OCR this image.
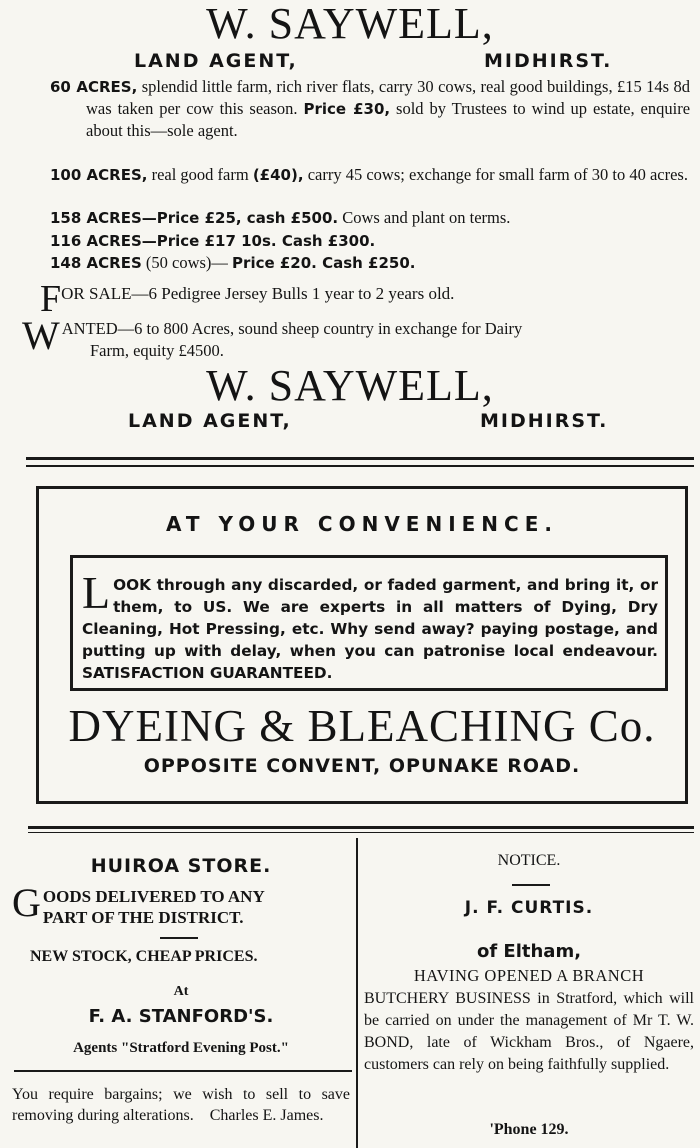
W. SAYWELL,
LAND AGENT,	MIDHIRST.
60 ACRES, splendid little farm, rich river flats, carry 30 cows, real good buildings, £15 14s 8d was taken per cow this season. Price £30, sold by Trustees to wind up estate, enquire about this—sole agent.
100 ACRES, real good farm (£40), carry 45 cows; exchange for small farm of 30 to 40 acres.
158 ACRES—Price £25, cash £500. Cows and plant on terms.
116 ACRES—Price £17 10s. Cash £300.
148 ACRES (50 cows)— Price £20. Cash £250.
FOR SALE—6 Pedigree Jersey Bulls 1 year to 2 years old.
W ANTED—6 to 800 Acres, sound sheep country in exchange for Dairy
Farm, equity £4500.
W. SAYWELL,
LAND AGENT,	MIDHIRST.
AT YOUR CONVENIENCE.
LOOK through any discarded, or faded garment, and bring it, or them, to US. We are experts in all matters of Dying, Dry Cleaning, Hot Pressing, etc. Why send away? paying postage, and putting up with delay, when you can patronise local endeavour. SATISFACTION GUARANTEED.
DYEING & BLEACHING Co.
OPPOSITE CONVENT, OPUNAKE ROAD.
HUIROA STORE.
G OODS DELIVERED TO ANY
PART OF THE DISTRICT.
NEW STOCK, CHEAP PRICES.
At
F. A. STANFORD'S.
Agents "Stratford Evening Post."
You require bargains; we wish to sell to save removing during alterations. Charles E. James.
NOTICE.
J. F. CURTIS.
of Eltham,
HAVING OPENED A BRANCH
BUTCHERY BUSINESS in Stratford, which will be carried on under the management of Mr T. W. BOND, late of Wickham Bros., of Ngaere, customers can rely on being faithfully supplied.
'Phone 129.
